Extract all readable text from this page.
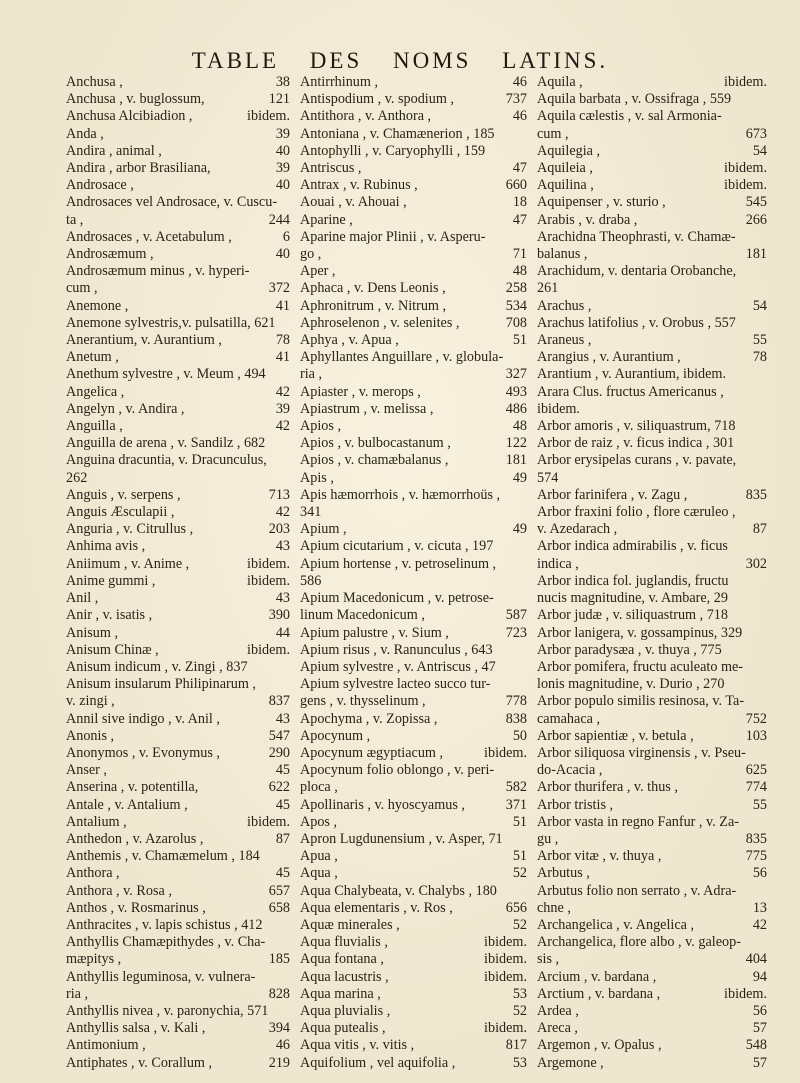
TABLE DES NOMS LATINS.
Anchusa ,	38
Anchusa , v. buglossum,	121
Anchusa Alcibiadion ,	ibidem.
Anda ,	39
Andira , animal ,	40
Andira , arbor Brasiliana,	39
Androsace ,	40
Androsaces vel Androsace, v. Cuscu-
ta ,	244
Androsaces , v. Acetabulum ,	6
Androsæmum ,	40
Androsæmum minus , v. hyperi-
cum ,	372
Anemone ,	41
Anemone sylvestris,v. pulsatilla, 621
Anerantium, v. Aurantium ,	78
Anetum ,	41
Anethum sylvestre , v. Meum , 494
Angelica ,	42
Angelyn , v. Andira ,	39
Anguilla ,	42
Anguilla de arena , v. Sandilz , 682
Anguina dracuntia, v. Dracunculus,
262
Anguis , v. serpens ,	713
Anguis Æsculapii ,	42
Anguria , v. Citrullus ,	203
Anhima avis ,	43
Aniimum , v. Anime ,	ibidem.
Anime gummi ,	ibidem.
Anil ,	43
Anir , v. isatis ,	390
Anisum ,	44
Anisum Chinæ ,	ibidem.
Anisum indicum , v. Zingi , 837
Anisum insularum Philipinarum ,
v. zingi ,	837
Annil sive indigo , v. Anil ,	43
Anonis ,	547
Anonymos , v. Evonymus ,	290
Anser ,	45
Anserina , v. potentilla,	622
Antale , v. Antalium ,	45
Antalium ,	ibidem.
Anthedon , v. Azarolus ,	87
Anthemis , v. Chamæmelum , 184
Anthora ,	45
Anthora , v. Rosa ,	657
Anthos , v. Rosmarinus ,	658
Anthracites , v. lapis schistus , 412
Anthyllis Chamæpithydes , v. Cha-
mæpitys ,	185
Anthyllis leguminosa, v. vulnera-
ria ,	828
Anthyllis nivea , v. paronychia, 571
Anthyllis salsa , v. Kali ,	394
Antimonium ,	46
Antiphates , v. Corallum ,	219
Antirrhinum ,	46
Antispodium , v. spodium ,	737
Antithora , v. Anthora ,	46
Antoniana , v. Chamænerion , 185
Antophylli , v. Caryophylli , 159
Antriscus ,	47
Antrax , v. Rubinus ,	660
Aouai , v. Ahouai ,	18
Aparine ,	47
Aparine major Plinii , v. Asperu-
go ,	71
Aper ,	48
Aphaca , v. Dens Leonis ,	258
Aphronitrum , v. Nitrum ,	534
Aphroselenon , v. selenites ,	708
Aphya , v. Apua ,	51
Aphyllantes Anguillare , v. globula-
ria ,	327
Apiaster , v. merops ,	493
Apiastrum , v. melissa ,	486
Apios ,	48
Apios , v. bulbocastanum ,	122
Apios , v. chamæbalanus ,	181
Apis ,	49
Apis hæmorrhois , v. hæmorrhoüs ,
341
Apium ,	49
Apium cicutarium , v. cicuta , 197
Apium hortense , v. petroselinum ,
586
Apium Macedonicum , v. petrose-
linum Macedonicum ,	587
Apium palustre , v. Sium ,	723
Apium risus , v. Ranunculus , 643
Apium sylvestre , v. Antriscus , 47
Apium sylvestre lacteo succo tur-
gens , v. thysselinum ,	778
Apochyma , v. Zopissa ,	838
Apocynum ,	50
Apocynum ægyptiacum ,	ibidem.
Apocynum folio oblongo , v. peri-
ploca ,	582
Apollinaris , v. hyoscyamus ,	371
Apos ,	51
Apron Lugdunensium , v. Asper, 71
Apua ,	51
Aqua ,	52
Aqua Chalybeata, v. Chalybs , 180
Aqua elementaris , v. Ros ,	656
Aquæ minerales ,	52
Aqua fluvialis ,	ibidem.
Aqua fontana ,	ibidem.
Aqua lacustris ,	ibidem.
Aqua marina ,	53
Aqua pluvialis ,	52
Aqua putealis ,	ibidem.
Aqua vitis , v. vitis ,	817
Aquifolium , vel aquifolia ,	53
Aquila ,	ibidem.
Aquila barbata , v. Ossifraga , 559
Aquila cælestis , v. sal Armonia-
cum ,	673
Aquilegia ,	54
Aquileia ,	ibidem.
Aquilina ,	ibidem.
Aquipenser , v. sturio ,	545
Arabis , v. draba ,	266
Arachidna Theophrasti, v. Chamæ-
balanus ,	181
Arachidum, v. dentaria Orobanche,
261
Arachus ,	54
Arachus latifolius , v. Orobus , 557
Araneus ,	55
Arangius , v. Aurantium ,	78
Arantium , v. Aurantium, ibidem.
Arara Clus. fructus Americanus ,
ibidem.
Arbor amoris , v. siliquastrum, 718
Arbor de raiz , v. ficus indica , 301
Arbor erysipelas curans , v. pavate,
574
Arbor farinifera , v. Zagu ,	835
Arbor fraxini folio , flore cæruleo ,
v. Azedarach ,	87
Arbor indica admirabilis , v. ficus
indica ,	302
Arbor indica fol. juglandis, fructu
nucis magnitudine, v. Ambare, 29
Arbor judæ , v. siliquastrum , 718
Arbor lanigera, v. gossampinus, 329
Arbor paradysæa , v. thuya , 775
Arbor pomifera, fructu aculeato me-
lonis magnitudine, v. Durio , 270
Arbor populo similis resinosa, v. Ta-
camahaca ,	752
Arbor sapientiæ , v. betula ,	103
Arbor siliquosa virginensis , v. Pseu-
do-Acacia ,	625
Arbor thurifera , v. thus ,	774
Arbor tristis ,	55
Arbor vasta in regno Fanfur , v. Za-
gu ,	835
Arbor vitæ , v. thuya ,	775
Arbutus ,	56
Arbutus folio non serrato , v. Adra-
chne ,	13
Archangelica , v. Angelica ,	42
Archangelica, flore albo , v. galeop-
sis ,	404
Arcium , v. bardana ,	94
Arctium , v. bardana ,	ibidem.
Ardea ,	56
Areca ,	57
Argemon , v. Opalus ,	548
Argemone ,	57
